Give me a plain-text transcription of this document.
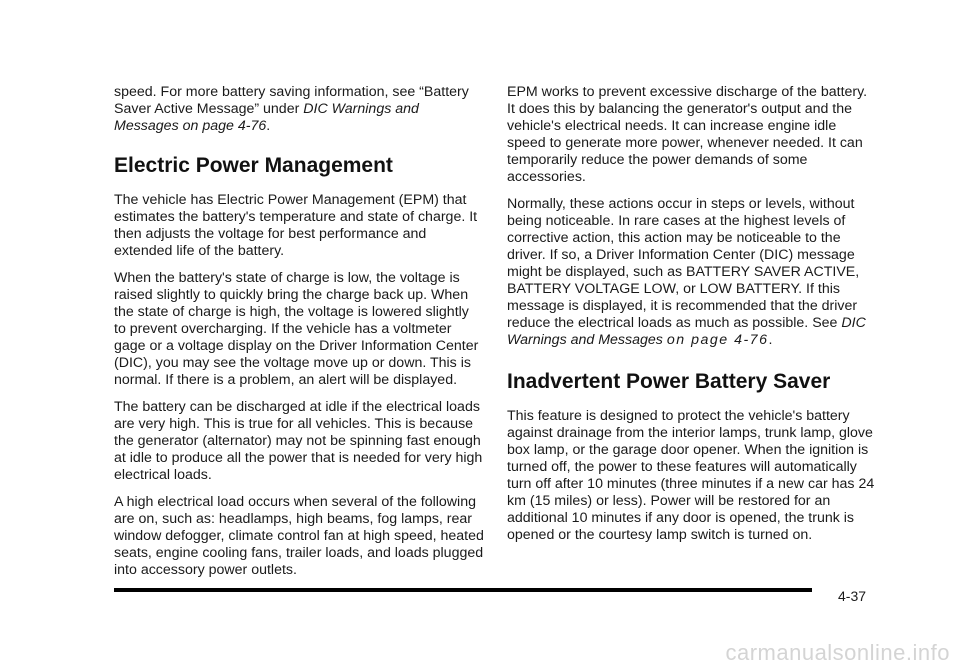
speed. For more battery saving information, see “Battery Saver Active Message” under DIC Warnings and Messages on page 4-76.

Electric Power Management

The vehicle has Electric Power Management (EPM) that estimates the battery's temperature and state of charge. It then adjusts the voltage for best performance and extended life of the battery.

When the battery's state of charge is low, the voltage is raised slightly to quickly bring the charge back up. When the state of charge is high, the voltage is lowered slightly to prevent overcharging. If the vehicle has a voltmeter gage or a voltage display on the Driver Information Center (DIC), you may see the voltage move up or down. This is normal. If there is a problem, an alert will be displayed.

The battery can be discharged at idle if the electrical loads are very high. This is true for all vehicles. This is because the generator (alternator) may not be spinning fast enough at idle to produce all the power that is needed for very high electrical loads.

A high electrical load occurs when several of the following are on, such as: headlamps, high beams, fog lamps, rear window defogger, climate control fan at high speed, heated seats, engine cooling fans, trailer loads, and loads plugged into accessory power outlets.

EPM works to prevent excessive discharge of the battery. It does this by balancing the generator's output and the vehicle's electrical needs. It can increase engine idle speed to generate more power, whenever needed. It can temporarily reduce the power demands of some accessories.

Normally, these actions occur in steps or levels, without being noticeable. In rare cases at the highest levels of corrective action, this action may be noticeable to the driver. If so, a Driver Information Center (DIC) message might be displayed, such as BATTERY SAVER ACTIVE, BATTERY VOLTAGE LOW, or LOW BATTERY. If this message is displayed, it is recommended that the driver reduce the electrical loads as much as possible. See DIC Warnings and Messages on page 4-76.

Inadvertent Power Battery Saver

This feature is designed to protect the vehicle's battery against drainage from the interior lamps, trunk lamp, glove box lamp, or the garage door opener. When the ignition is turned off, the power to these features will automatically turn off after 10 minutes (three minutes if a new car has 24 km (15 miles) or less). Power will be restored for an additional 10 minutes if any door is opened, the trunk is opened or the courtesy lamp switch is turned on.

4-37
carmanualsonline.info
